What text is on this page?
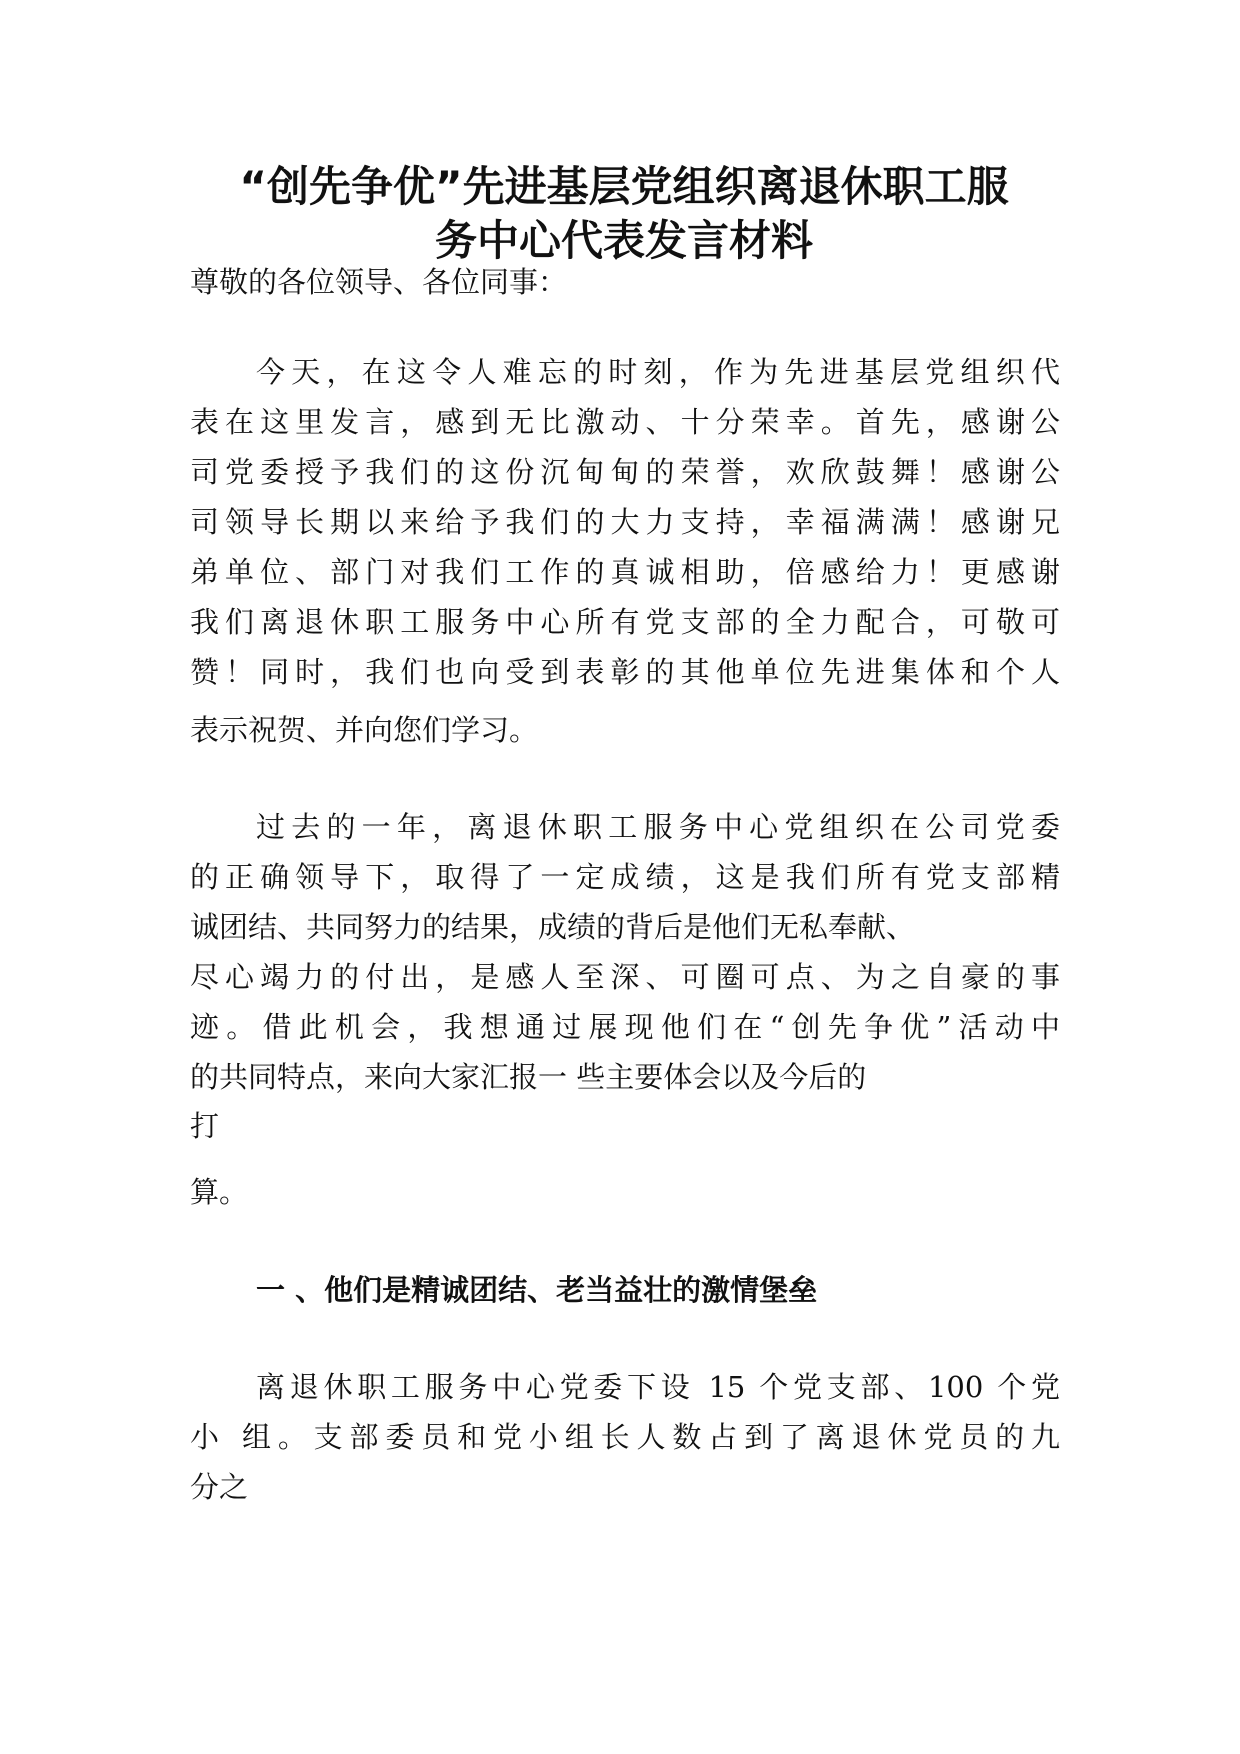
“创先争优”先进基层党组织离退休职工服
务中心代表发言材料

尊敬的各位领导、各位同事：

今天，在这令人难忘的时刻，作为先进基层党组织代

表在这里发言，感到无比激动、十分荣幸。首先，感谢公

司党委授予我们的这份沉甸甸的荣誉，欢欣鼓舞！感谢公

司领导长期以来给予我们的大力支持，幸福满满！感谢兄

弟单位、部门对我们工作的真诚相助，倍感给力！更感谢

我们离退休职工服务中心所有党支部的全力配合，可敬可

赞！同时，我们也向受到表彰的其他单位先进集体和个人

表示祝贺、并向您们学习。

过去的一年，离退休职工服务中心党组织在公司党委

的正确领导下，取得了一定成绩，这是我们所有党支部精

诚团结、共同努力的结果，成绩的背后是他们无私奉献、

尽心竭力的付出，是感人至深、可圈可点、为之自豪的事

迹。借此机会，我想通过展现他们在“创先争优”活动中

的共同特点，来向大家汇报一 些主要体会以及今后的

打

算。

一 、他们是精诚团结、老当益壮的激情堡垒

离退休职工服务中心党委下设 15 个党支部、100 个党

小 组。支部委员和党小组长人数占到了离退休党员的九

分之
